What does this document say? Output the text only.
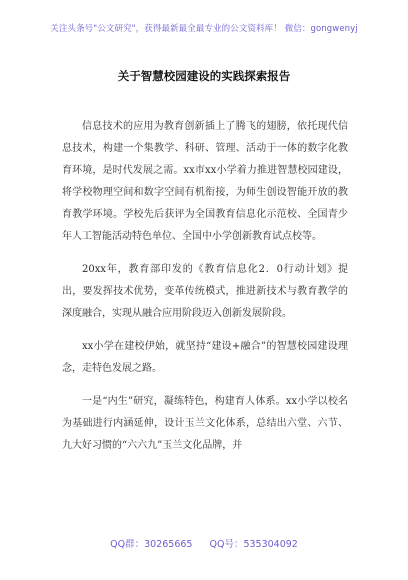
关注头条号"公文研究"，获得最新最全最专业的公文资料库！ 微信：gongwenyj
关于智慧校园建设的实践探索报告

信息技术的应用为教育创新插上了腾飞的翅膀，依托现代信息技术，构建一个集教学、科研、管理、活动于一体的数字化教育环境，是时代发展之需。xx市xx小学着力推进智慧校园建设，将学校物理空间和数字空间有机衔接，为师生创设智能开放的教育教学环境。学校先后获评为全国教育信息化示范校、全国青少年人工智能活动特色单位、全国中小学创新教育试点校等。

20xx年，教育部印发的《教育信息化2．0行动计划》提出，要发挥技术优势，变革传统模式，推进新技术与教育教学的深度融合，实现从融合应用阶段迈入创新发展阶段。

xx小学在建校伊始，就坚持“建设+融合”的智慧校园建设理念，走特色发展之路。

一是“内生”研究，凝练特色，构建育人体系。xx小学以校名为基础进行内涵延伸，设计玉兰文化体系，总结出六堂、六节、九大好习惯的“六六九”玉兰文化品牌，并

QQ群：30265665 QQ号：535304092
